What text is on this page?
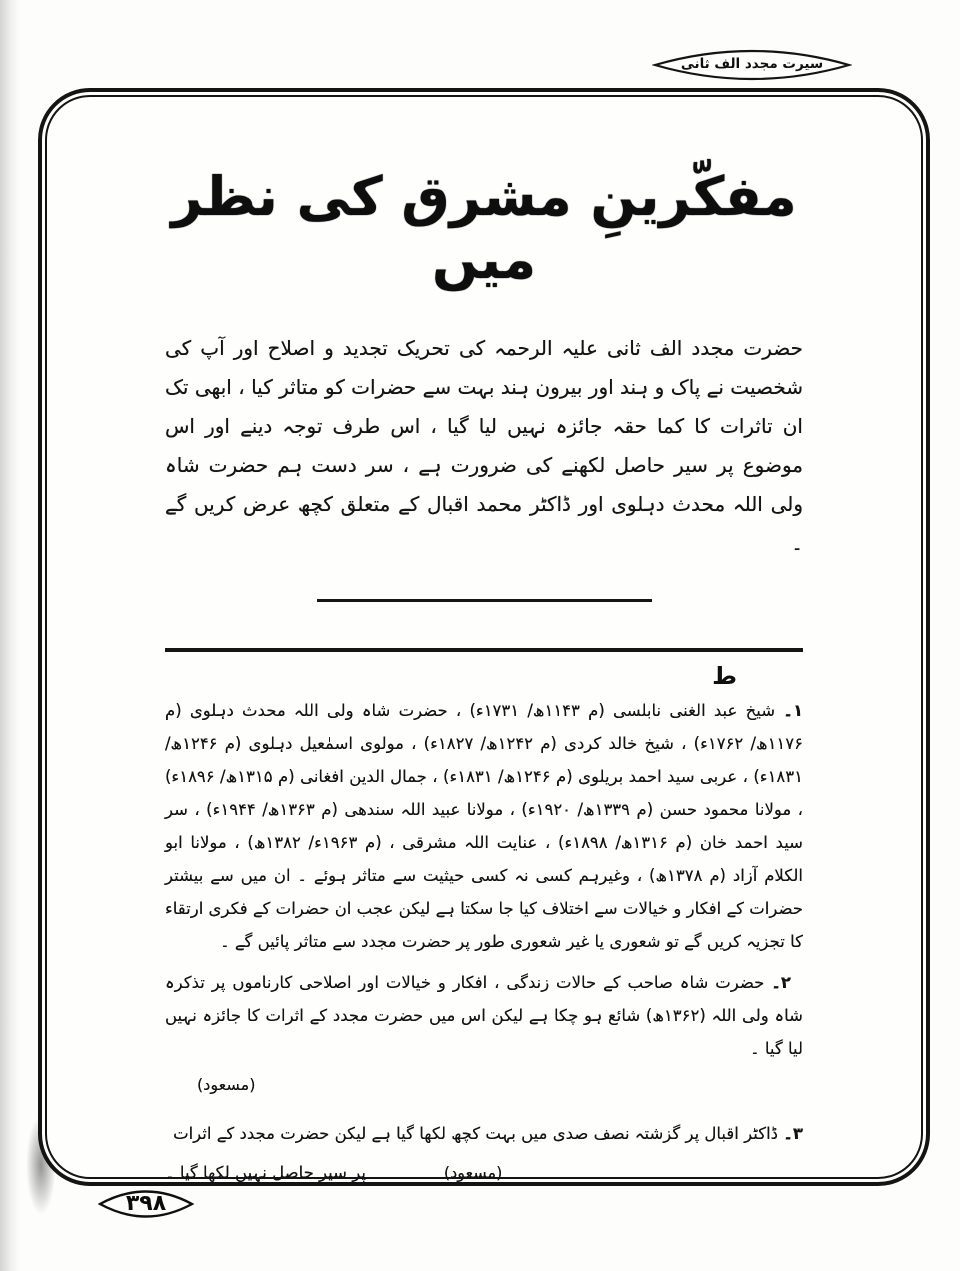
سیرت مجدد الف ثانی
مفکّرینِ مشرق کی نظر میں

حضرت مجدد الف ثانی علیہ الرحمہ کی تحریک تجدید و اصلاح اور آپ کی شخصیت نے پاک و ہند اور بیرون ہند بہت سے حضرات کو متاثر کیا ، ابھی تک ان تاثرات کا کما حقہ جائزہ نہیں لیا گیا ، اس طرف توجہ دینے اور اس موضوع پر سیر حاصل لکھنے کی ضرورت ہے ، سر دست ہم حضرت شاہ ولی اللہ محدث دہلوی اور ڈاکٹر محمد اقبال کے متعلق کچھ عرض کریں گے ۔

ط

۱۔ شیخ عبد الغنی نابلسی (م ۱۱۴۳ھ/ ۱۷۳۱ء) ، حضرت شاہ ولی اللہ محدث دہلوی (م ۱۱۷۶ھ/ ۱۷۶۲ء) ، شیخ خالد کردی (م ۱۲۴۲ھ/ ۱۸۲۷ء) ، مولوی اسمٰعیل دہلوی (م ۱۲۴۶ھ/ ۱۸۳۱ء) ، عربی سید احمد بریلوی (م ۱۲۴۶ھ/ ۱۸۳۱ء) ، جمال الدین افغانی (م ۱۳۱۵ھ/ ۱۸۹۶ء) ، مولانا محمود حسن (م ۱۳۳۹ھ/ ۱۹۲۰ء) ، مولانا عبید اللہ سندھی (م ۱۳۶۳ھ/ ۱۹۴۴ء) ، سر سید احمد خان (م ۱۳۱۶ھ/ ۱۸۹۸ء) ، عنایت اللہ مشرقی ، (م ۱۹۶۳ء/ ۱۳۸۲ھ) ، مولانا ابو الکلام آزاد (م ۱۳۷۸ھ) ، وغیرہم کسی نہ کسی حیثیت سے متاثر ہوئے ۔ ان میں سے بیشتر حضرات کے افکار و خیالات سے اختلاف کیا جا سکتا ہے لیکن عجب ان حضرات کے فکری ارتقاء کا تجزیہ کریں گے تو شعوری یا غیر شعوری طور پر حضرت مجدد سے متاثر پائیں گے ۔

۲۔ حضرت شاہ صاحب کے حالات زندگی ، افکار و خیالات اور اصلاحی کارناموں پر تذکرہ شاہ ولی اللہ (۱۳۶۲ھ) شائع ہو چکا ہے لیکن اس میں حضرت مجدد کے اثرات کا جائزہ نہیں لیا گیا ۔

(مسعود)

۳۔ ڈاکٹر اقبال پر گزشتہ نصف صدی میں بہت کچھ لکھا گیا ہے لیکن حضرت مجدد کے اثرات

پر سیر حاصل نہیں لکھا گیا ۔	(مسعود)
۳۹۸
